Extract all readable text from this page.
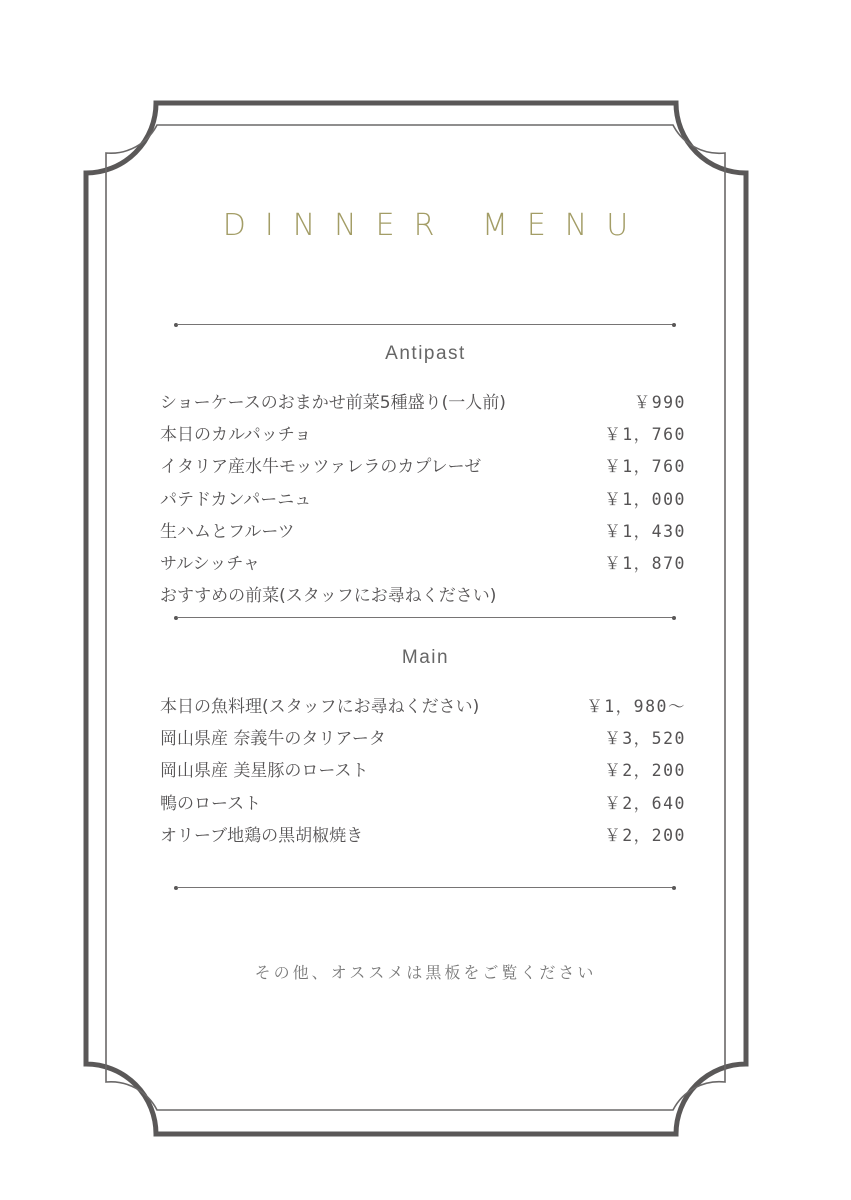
DINNER MENU
Antipast
ショーケースのおまかせ前菜5種盛り(一人前)	￥990
本日のカルパッチョ	￥1，760
イタリア産水牛モッツァレラのカプレーゼ	￥1，760
パテドカンパーニュ	￥1，000
生ハムとフルーツ	￥1，430
サルシッチャ	￥1，870
おすすめの前菜(スタッフにお尋ねください)
Main
本日の魚料理(スタッフにお尋ねください)	￥1，980～
岡山県産 奈義牛のタリアータ	￥3，520
岡山県産 美星豚のロースト	￥2，200
鴨のロースト	￥2，640
オリーブ地鶏の黒胡椒焼き	￥2，200
その他、オススメは黒板をご覧ください
